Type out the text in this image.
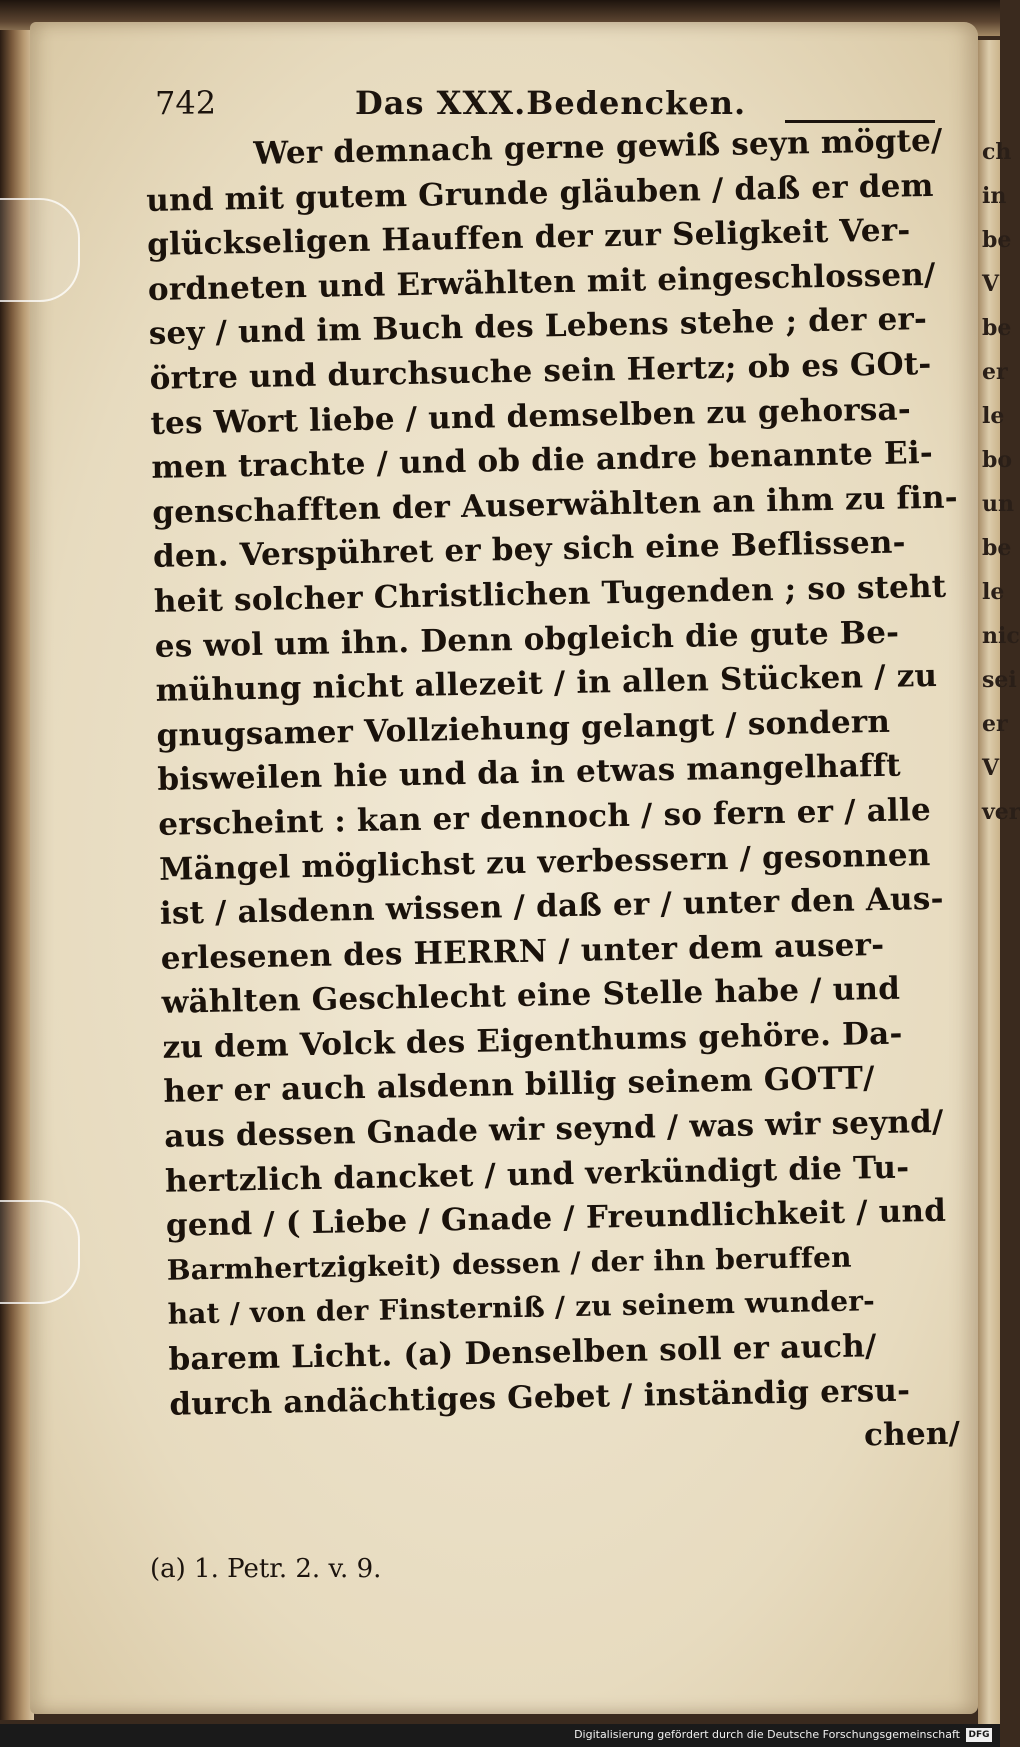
ch in be V be er le bo un be le nic sei er V ver
742	Das XXX.Bedencken.
Wer demnach gerne gewiß seyn mögte/
und mit gutem Grunde gläuben / daß er dem
glückseligen Hauffen der zur Seligkeit Ver-
ordneten und Erwählten mit eingeschlossen/
sey / und im Buch des Lebens stehe ; der er-
örtre und durchsuche sein Hertz; ob es GOt-
tes Wort liebe / und demselben zu gehorsa-
men trachte / und ob die andre benannte Ei-
genschafften der Auserwählten an ihm zu fin-
den. Verspühret er bey sich eine Beflissen-
heit solcher Christlichen Tugenden ; so steht
es wol um ihn. Denn obgleich die gute Be-
mühung nicht allezeit / in allen Stücken / zu
gnugsamer Vollziehung gelangt / sondern
bisweilen hie und da in etwas mangelhafft
erscheint : kan er dennoch / so fern er / alle
Mängel möglichst zu verbessern / gesonnen
ist / alsdenn wissen / daß er / unter den Aus-
erlesenen des HERRN / unter dem auser-
wählten Geschlecht eine Stelle habe / und
zu dem Volck des Eigenthums gehöre. Da-
her er auch alsdenn billig seinem GOTT/
aus dessen Gnade wir seynd / was wir seynd/
hertzlich dancket / und verkündigt die Tu-
gend / ( Liebe / Gnade / Freundlichkeit / und
Barmhertzigkeit) dessen / der ihn beruffen
hat / von der Finsterniß / zu seinem wunder-
barem Licht. (a) Denselben soll er auch/
durch andächtiges Gebet / inständig ersu-
chen/
(a) 1. Petr. 2. v. 9.
Digitalisierung gefördert durch die Deutsche Forschungsgemeinschaft DFG
